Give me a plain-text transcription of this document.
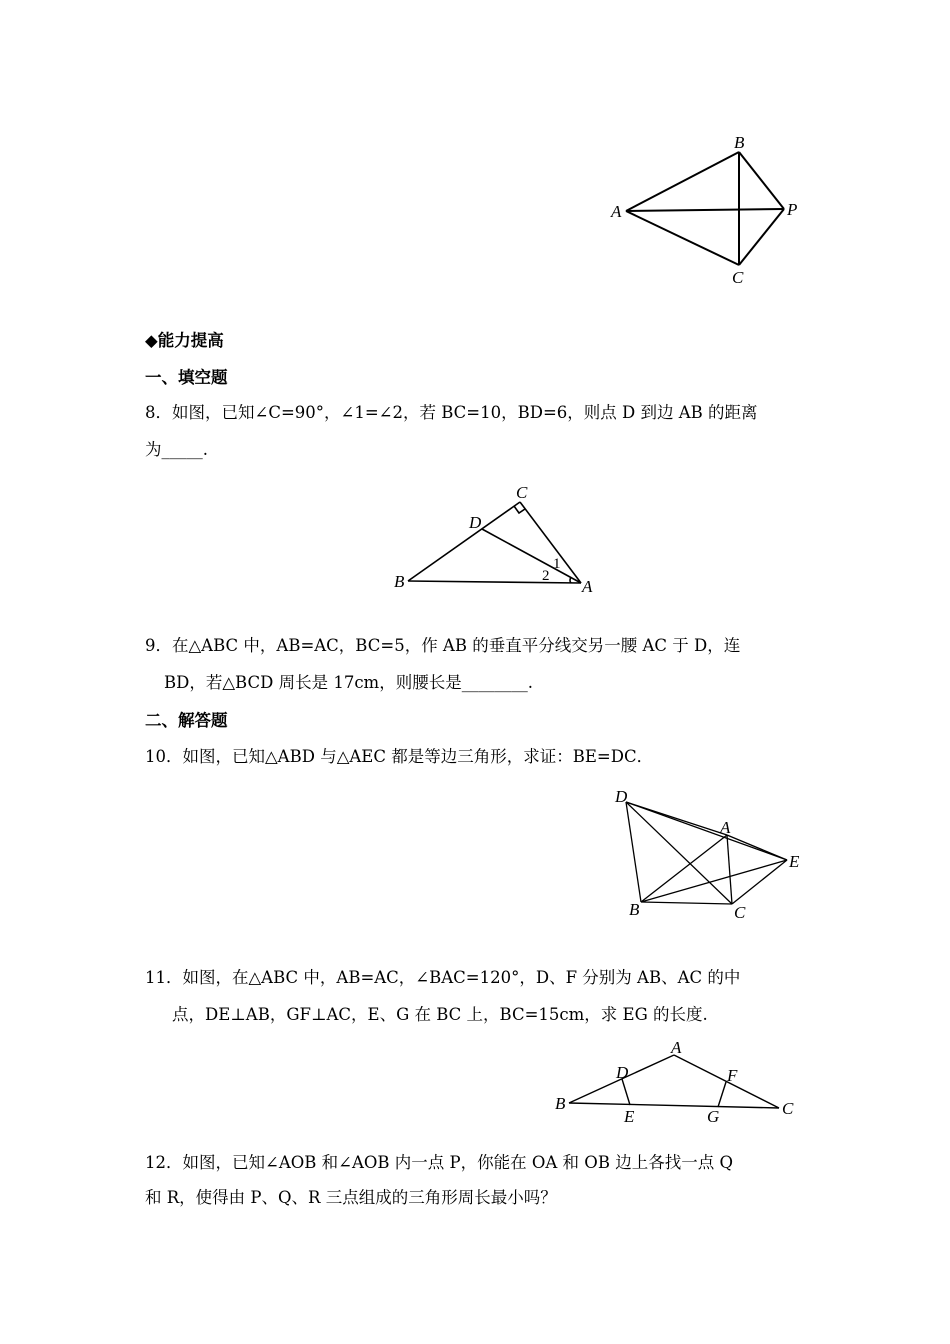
A
B
P
C
◆能力提高
一、填空题
8．如图，已知∠C=90°，∠1=∠2，若 BC=10，BD=6，则点 D 到边 AB 的距离
为_____.
C
D
B	A
1
2
9．在△ABC 中，AB=AC，BC=5，作 AB 的垂直平分线交另一腰 AC 于 D，连
BD，若△BCD 周长是 17cm，则腰长是________.
二、解答题
10．如图，已知△ABD 与△AEC 都是等边三角形，求证：BE=DC．
D
A
E
B	C
11．如图，在△ABC 中，AB=AC，∠BAC=120°，D、F 分别为 AB、AC 的中
点，DE⊥AB，GF⊥AC，E、G 在 BC 上，BC=15cm，求 EG 的长度.
A
D	F
B
E	G	C
12．如图，已知∠AOB 和∠AOB 内一点 P，你能在 OA 和 OB 边上各找一点 Q
和 R，使得由 P、Q、R 三点组成的三角形周长最小吗？
